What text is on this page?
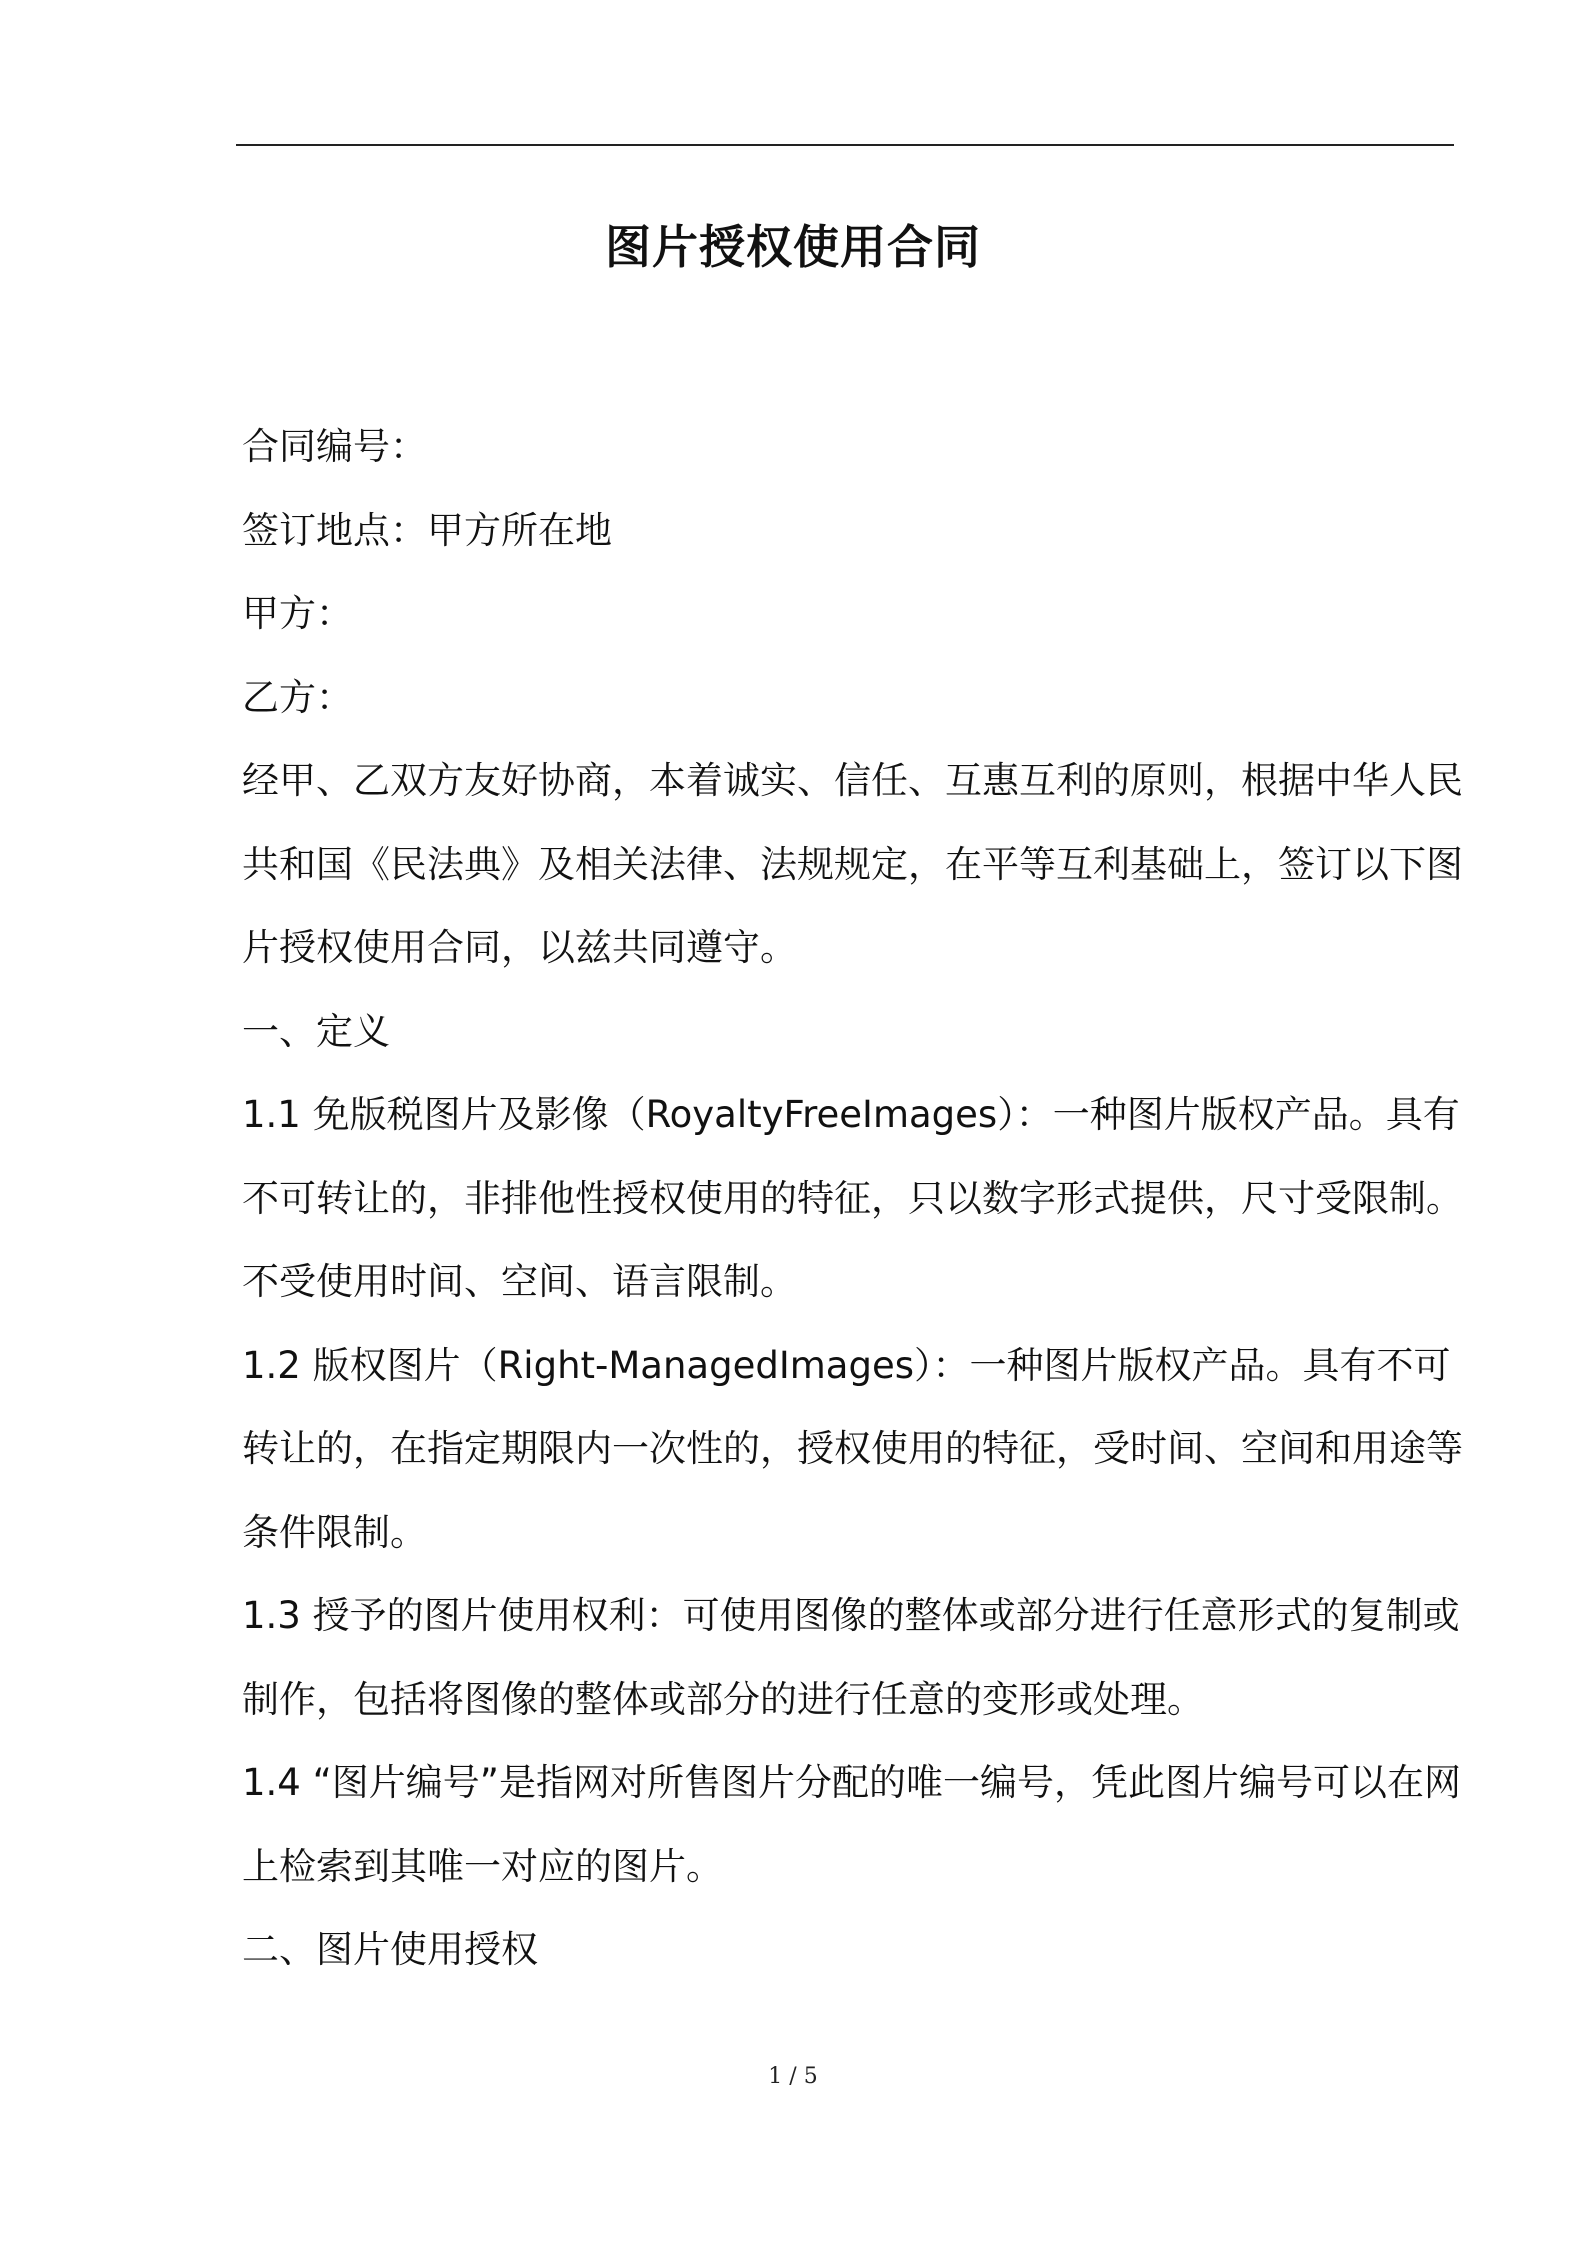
图片授权使用合同

合同编号：

签订地点：甲方所在地

甲方：

乙方：

经甲、乙双方友好协商，本着诚实、信任、互惠互利的原则，根据中华人民共和国《民法典》及相关法律、法规规定，在平等互利基础上，签订以下图片授权使用合同，以兹共同遵守。

一、定义

1.1 免版税图片及影像（RoyaltyFreeImages）：一种图片版权产品。具有不可转让的，非排他性授权使用的特征，只以数字形式提供，尺寸受限制。不受使用时间、空间、语言限制。

1.2 版权图片（Right-ManagedImages）：一种图片版权产品。具有不可转让的，在指定期限内一次性的，授权使用的特征，受时间、空间和用途等条件限制。

1.3 授予的图片使用权利：可使用图像的整体或部分进行任意形式的复制或制作，包括将图像的整体或部分的进行任意的变形或处理。

1.4 “图片编号”是指网对所售图片分配的唯一编号，凭此图片编号可以在网上检索到其唯一对应的图片。

二、图片使用授权

1 / 5
